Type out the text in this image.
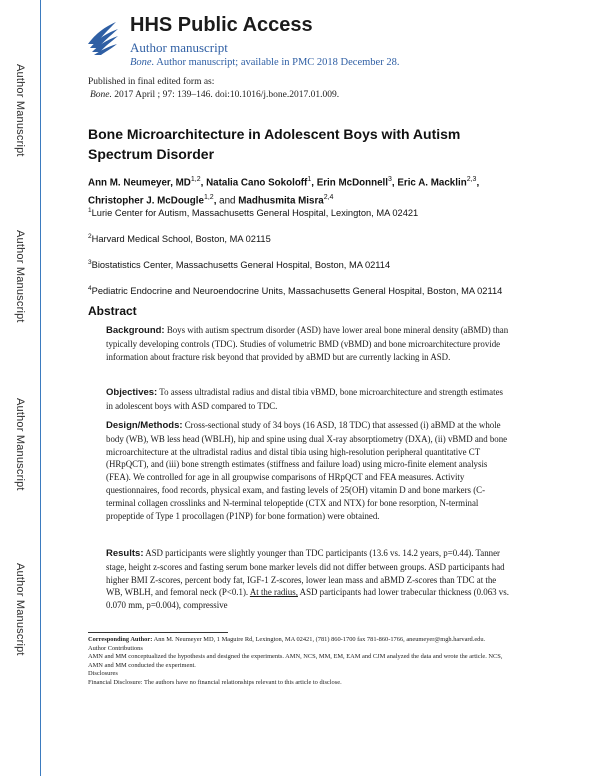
Author Manuscript
Author Manuscript
Author Manuscript
Author Manuscript
HHS Public Access
Author manuscript
Bone. Author manuscript; available in PMC 2018 December 28.
Published in final edited form as:
Bone. 2017 April ; 97: 139–146. doi:10.1016/j.bone.2017.01.009.
Bone Microarchitecture in Adolescent Boys with Autism Spectrum Disorder
Ann M. Neumeyer, MD$^{1,2}$, Natalia Cano Sokoloff$^1$, Erin McDonnell$^3$, Eric A. Macklin$^{2,3}$, Christopher J. McDougle$^{1,2}$, and Madhusmita Misra$^{2,4}$
$^1$Lurie Center for Autism, Massachusetts General Hospital, Lexington, MA 02421
$^2$Harvard Medical School, Boston, MA 02115
$^3$Biostatistics Center, Massachusetts General Hospital, Boston, MA 02114
$^4$Pediatric Endocrine and Neuroendocrine Units, Massachusetts General Hospital, Boston, MA 02114
Abstract
Background: Boys with autism spectrum disorder (ASD) have lower areal bone mineral density (aBMD) than typically developing controls (TDC). Studies of volumetric BMD (vBMD) and bone microarchitecture provide information about fracture risk beyond that provided by aBMD but are currently lacking in ASD.
Objectives: To assess ultradistal radius and distal tibia vBMD, bone microarchitecture and strength estimates in adolescent boys with ASD compared to TDC.
Design/Methods: Cross-sectional study of 34 boys (16 ASD, 18 TDC) that assessed (i) aBMD at the whole body (WB), WB less head (WBLH), hip and spine using dual X-ray absorptiometry (DXA), (ii) vBMD and bone microarchitecture at the ultradistal radius and distal tibia using high-resolution peripheral quantitative CT (HRpQCT), and (iii) bone strength estimates (stiffness and failure load) using micro-finite element analysis (FEA). We controlled for age in all groupwise comparisons of HRpQCT and FEA measures. Activity questionnaires, food records, physical exam, and fasting levels of 25(OH) vitamin D and bone markers (C-terminal collagen crosslinks and N-terminal telopeptide (CTX and NTX) for bone resorption, N-terminal propeptide of Type 1 procollagen (P1NP) for bone formation) were obtained.
Results: ASD participants were slightly younger than TDC participants (13.6 vs. 14.2 years, p=0.44). Tanner stage, height z-scores and fasting serum bone marker levels did not differ between groups. ASD participants had higher BMI Z-scores, percent body fat, IGF-1 Z-scores, lower lean mass and aBMD Z-scores than TDC at the WB, WBLH, and femoral neck (P<0.1). At the radius, ASD participants had lower trabecular thickness (0.063 vs. 0.070 mm, p=0.004), compressive
Corresponding Author: Ann M. Neumeyer MD, 1 Maguire Rd, Lexington, MA 02421, (781) 860-1700 fax 781-860-1766, aneumeyer@mgh.harvard.edu.
Author Contributions
AMN and MM conceptualized the hypothesis and designed the experiments. AMN, NCS, MM, EM, EAM and CJM analyzed the data and wrote the article. NCS, AMN and MM conducted the experiment.
Disclosures
Financial Disclosure: The authors have no financial relationships relevant to this article to disclose.
